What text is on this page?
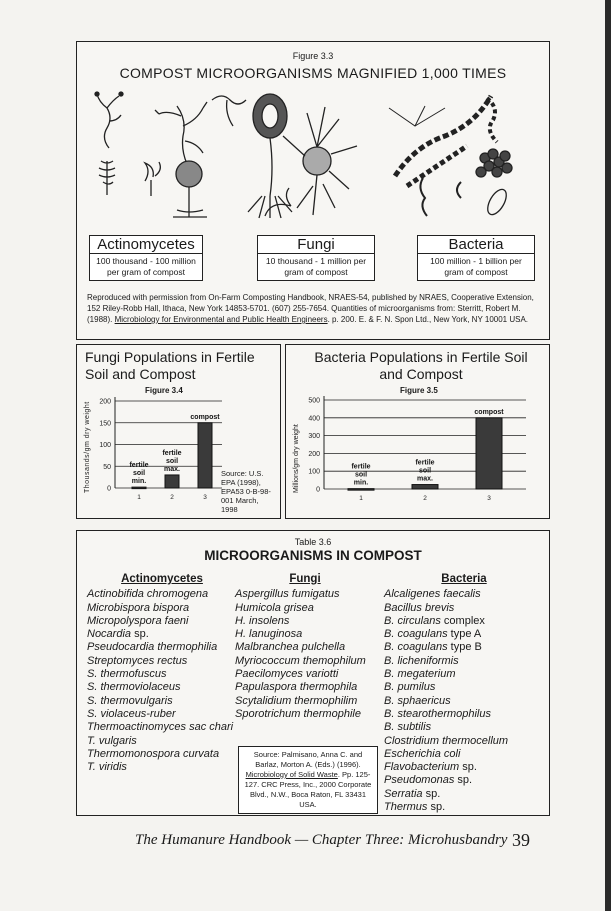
Figure 3.3
COMPOST MICROORGANISMS MAGNIFIED 1,000 TIMES
Actinomycetes
100 thousand - 100 million per gram of compost
Fungi
10 thousand - 1 million per gram of compost
Bacteria
100 million - 1 billion per gram of compost
Reproduced with permission from On-Farm Composting Handbook, NRAES-54, published by NRAES, Cooperative Extension, 152 Riley-Robb Hall, Ithaca, New York 14853-5701. (607) 255-7654. Quantities of microorganisms from: Sterritt, Robert M. (1988). Microbiology for Environmental and Public Health Engineers. p. 200. E. & F. N. Spon Ltd., New York, NY 10001 USA.
Fungi Populations in Fertile Soil and Compost
Figure 3.4
Thousands/gm dry weight 0
50
100
150
200
1
fertile soil min.
2
fertile soil max.
3
compost
Source: U.S. EPA (1998), EPA53 0-B-98-001 March, 1998
Bacteria Populations in Fertile Soil and Compost
Figure 3.5
Millions/gm dry weight 0
100
200
300
400
500
1
fertile soil min.
2
fertile soil max.
3
compost
Table 3.6
MICROORGANISMS IN COMPOST
Actinomycetes
Actinobifida chromogena
Microbispora bispora
Micropolyspora faeni
Nocardia sp.
Pseudocardia thermophilia
Streptomyces rectus
S. thermofuscus
S. thermoviolaceus
S. thermovulgaris
S. violaceus-ruber
Thermoactinomyces sac chari
T. vulgaris
Thermomonospora curvata
T. viridis
Fungi
Aspergillus fumigatus
Humicola grisea
H. insolens
H. lanuginosa
Malbranchea pulchella
Myriococcum themophilum
Paecilomyces variotti
Papulaspora thermophila
Scytalidium thermophilim
Sporotrichum thermophile
Bacteria
Alcaligenes faecalis
Bacillus brevis
B. circulans complex
B. coagulans type A
B. coagulans type B
B. licheniformis
B. megaterium
B. pumilus
B. sphaericus
B. stearothermophilus
B. subtilis
Clostridium thermocellum
Escherichia coli
Flavobacterium sp.
Pseudomonas sp.
Serratia sp.
Thermus sp.
Source: Palmisano, Anna C. and Barlaz, Morton A. (Eds.) (1996). Microbiology of Solid Waste. Pp. 125-127. CRC Press, Inc., 2000 Corporate Blvd., N.W., Boca Raton, FL 33431 USA.
The Humanure Handbook — Chapter Three: Microhusbandry 39
